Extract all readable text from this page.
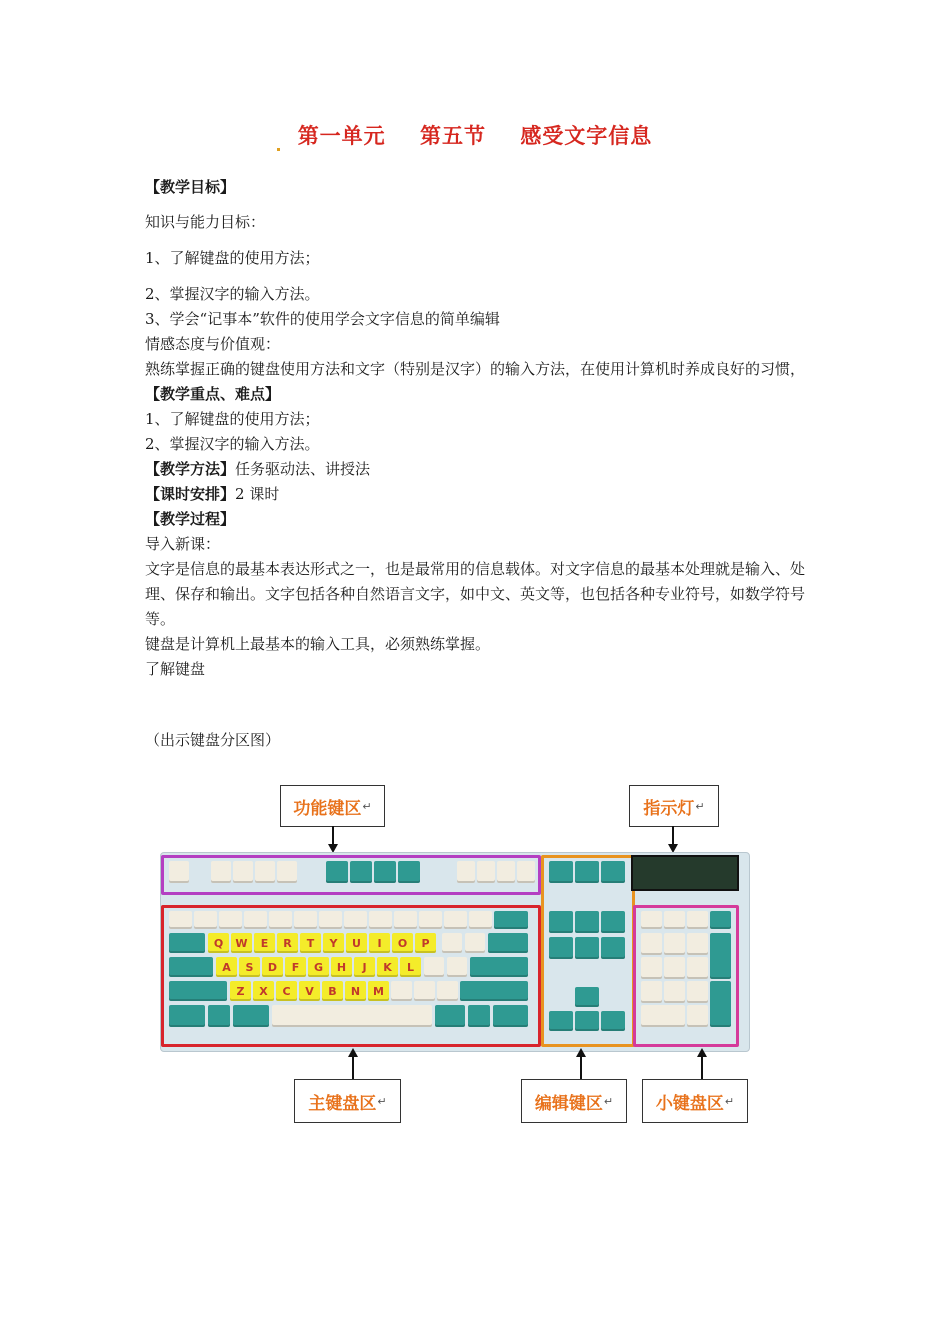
第一单元 第五节 感受文字信息

【教学目标】

知识与能力目标：

1、了解键盘的使用方法；

2、掌握汉字的输入方法。

3、学会“记事本”软件的使用学会文字信息的简单编辑

情感态度与价值观：

熟练掌握正确的键盘使用方法和文字（特别是汉字）的输入方法，在使用计算机时养成良好的习惯，

【教学重点、难点】

1、了解键盘的使用方法；

2、掌握汉字的输入方法。

【教学方法】任务驱动法、讲授法

【课时安排】2 课时

【教学过程】

导入新课：

文字是信息的最基本表达形式之一，也是最常用的信息载体。对文字信息的最基本处理就是输入、处理、保存和输出。文字包括各种自然语言文字，如中文、英文等，也包括各种专业符号，如数学符号等。

键盘是计算机上最基本的输入工具，必须熟练掌握。

了解键盘

（出示键盘分区图）

功能键区 ↵	指示灯 ↵
Q	W	E	R	T	Y	U	I	O	P
A	S	D	F	G	H	J	K	L
Z	X	C	V	B	N	M
主键盘区 ↵	编辑键区 ↵	小键盘区 ↵
